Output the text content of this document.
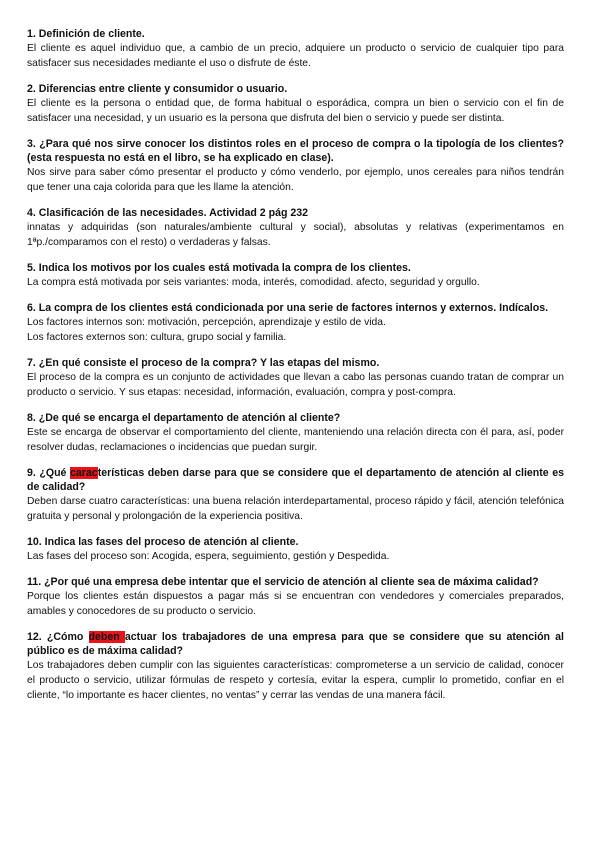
1. Definición de cliente.

El cliente es aquel individuo que, a cambio de un precio, adquiere un producto o servicio de cualquier tipo para satisfacer sus necesidades mediante el uso o disfrute de éste.

2. Diferencias entre cliente y consumidor o usuario.

El cliente es la persona o entidad que, de forma habitual o esporádica, compra un bien o servicio con el fin de satisfacer una necesidad, y un usuario es la persona que disfruta del bien o servicio y puede ser distinta.

3. ¿Para qué nos sirve conocer los distintos roles en el proceso de compra o la tipología de los clientes? (esta respuesta no está en el libro, se ha explicado en clase).

Nos sirve para saber cómo presentar el producto y cómo venderlo, por ejemplo, unos cereales para niños tendrán que tener una caja colorida para que les llame la atención.

4. Clasificación de las necesidades. Actividad 2 pág 232

innatas y adquiridas (son naturales/ambiente cultural y social), absolutas y relativas (experimentamos en 1ªp./comparamos con el resto) o verdaderas y falsas.

5. Indica los motivos por los cuales está motivada la compra de los clientes.

La compra está motivada por seis variantes: moda, interés, comodidad. afecto, seguridad y orgullo.

6. La compra de los clientes está condicionada por una serie de factores internos y externos. Indícalos.

Los factores internos son: motivación, percepción, aprendizaje y estilo de vida.

Los factores externos son: cultura, grupo social y familia.

7. ¿En qué consiste el proceso de la compra? Y las etapas del mismo.

El proceso de la compra es un conjunto de actividades que llevan a cabo las personas cuando tratan de comprar un producto o servicio. Y sus etapas: necesidad, información, evaluación, compra y post-compra.

8. ¿De qué se encarga el departamento de atención al cliente?

Este se encarga de observar el comportamiento del cliente, manteniendo una relación directa con él para, así, poder resolver dudas, reclamaciones o incidencias que puedan surgir.

9. ¿Qué características deben darse para que se considere que el departamento de atención al cliente es de calidad?

Deben darse cuatro características: una buena relación interdepartamental, proceso rápido y fácil, atención telefónica gratuita y personal y prolongación de la experiencia positiva.

10. Indica las fases del proceso de atención al cliente.

Las fases del proceso son: Acogida, espera, seguimiento, gestión y Despedida.

11. ¿Por qué una empresa debe intentar que el servicio de atención al cliente sea de máxima calidad?

Porque los clientes están dispuestos a pagar más si se encuentran con vendedores y comerciales preparados, amables y conocedores de su producto o servicio.

12. ¿Cómo deben actuar los trabajadores de una empresa para que se considere que su atención al público es de máxima calidad?

Los trabajadores deben cumplir con las siguientes características: comprometerse a un servicio de calidad, conocer el producto o servicio, utilizar fórmulas de respeto y cortesía, evitar la espera, cumplir lo prometido, confiar en el cliente, “lo importante es hacer clientes, no ventas” y cerrar las vendas de una manera fácil.
